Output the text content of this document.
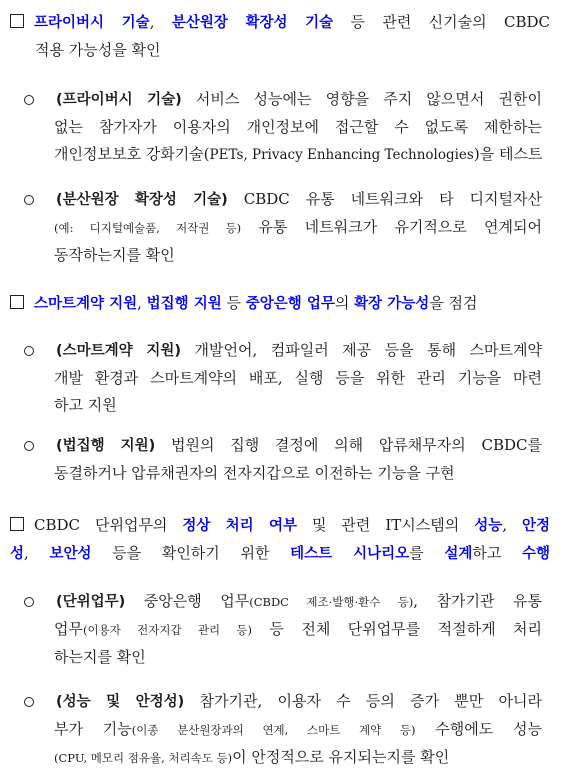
프라이버시 기술, 분산원장 확장성 기술 등 관련 신기술의 CBDC
적용 가능성을 확인
(프라이버시 기술) 서비스 성능에는 영향을 주지 않으면서 권한이
없는 참가자가 이용자의 개인정보에 접근할 수 없도록 제한하는
개인정보보호 강화기술(PETs, Privacy Enhancing Technologies)을 테스트
(분산원장 확장성 기술) CBDC 유통 네트워크와 타 디지털자산
(예: 디지털예술품, 저작권 등) 유통 네트워크가 유기적으로 연계되어
동작하는지를 확인
스마트계약 지원, 법집행 지원 등 중앙은행 업무의 확장 가능성을 점검
(스마트계약 지원) 개발언어, 컴파일러 제공 등을 통해 스마트계약
개발 환경과 스마트계약의 배포, 실행 등을 위한 관리 기능을 마련
하고 지원
(법집행 지원) 법원의 집행 결정에 의해 압류채무자의 CBDC를
동결하거나 압류채권자의 전자지갑으로 이전하는 기능을 구현
CBDC 단위업무의 정상 처리 여부 및 관련 IT시스템의 성능, 안정
성, 보안성 등을 확인하기 위한 테스트 시나리오를 설계하고 수행
(단위업무) 중앙은행 업무(CBDC 제조·발행·환수 등), 참가기관 유통
업무(이용자 전자지갑 관리 등) 등 전체 단위업무를 적절하게 처리
하는지를 확인
(성능 및 안정성) 참가기관, 이용자 수 등의 증가 뿐만 아니라
부가 기능(이종 분산원장과의 연계, 스마트 계약 등) 수행에도 성능
(CPU, 메모리 점유율, 처리속도 등)이 안정적으로 유지되는지를 확인
